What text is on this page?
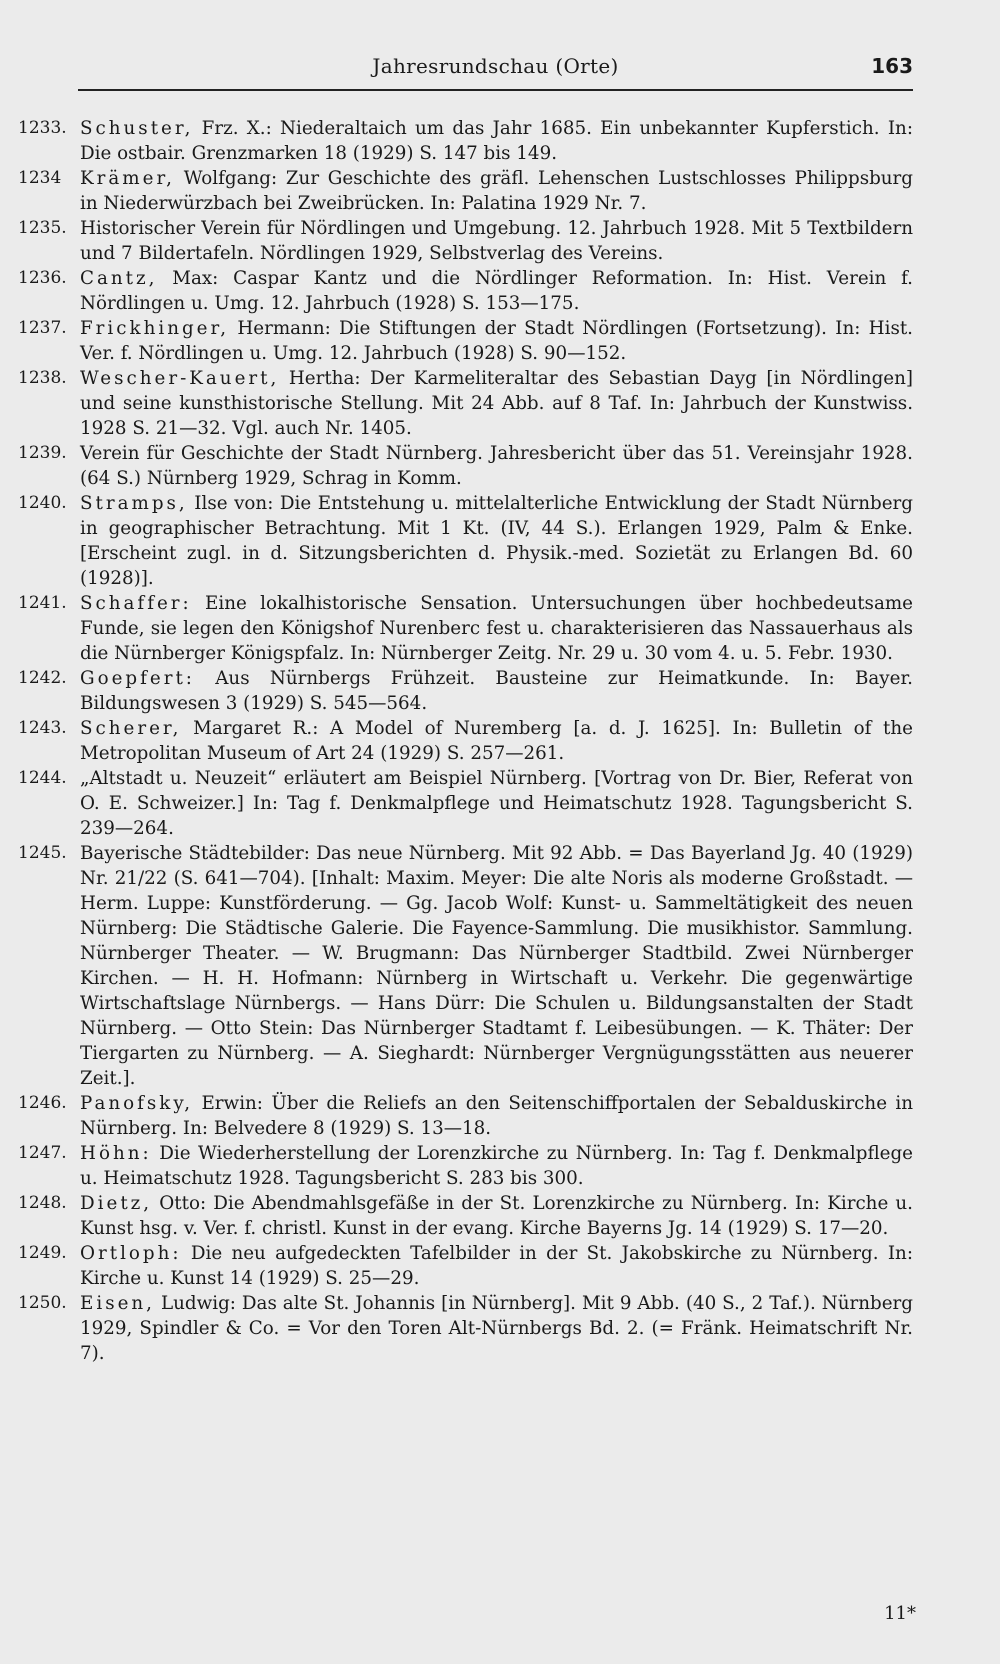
Jahresrundschau (Orte)	163
1233. Schuster, Frz. X.: Niederaltaich um das Jahr 1685. Ein unbekannter Kupferstich. In: Die ostbair. Grenzmarken 18 (1929) S. 147 bis 149.
1234	Krämer, Wolfgang: Zur Geschichte des gräfl. Lehenschen Lustschlosses Philippsburg in Niederwürzbach bei Zweibrücken. In: Palatina 1929 Nr. 7.
1235. Historischer Verein für Nördlingen und Umgebung. 12. Jahrbuch 1928. Mit 5 Textbildern und 7 Bildertafeln. Nördlingen 1929, Selbstverlag des Vereins.
1236. Cantz, Max: Caspar Kantz und die Nördlinger Reformation. In: Hist. Verein f. Nördlingen u. Umg. 12. Jahrbuch (1928) S. 153—175.
1237. Frickhinger, Hermann: Die Stiftungen der Stadt Nördlingen (Fortsetzung). In: Hist. Ver. f. Nördlingen u. Umg. 12. Jahrbuch (1928) S. 90—152.
1238. Wescher-Kauert, Hertha: Der Karmeliteraltar des Sebastian Dayg [in Nördlingen] und seine kunsthistorische Stellung. Mit 24 Abb. auf 8 Taf. In: Jahrbuch der Kunstwiss. 1928 S. 21—32. Vgl. auch Nr. 1405.
1239. Verein für Geschichte der Stadt Nürnberg. Jahresbericht über das 51. Vereinsjahr 1928. (64 S.) Nürnberg 1929, Schrag in Komm.
1240. Stramps, Ilse von: Die Entstehung u. mittelalterliche Entwicklung der Stadt Nürnberg in geographischer Betrachtung. Mit 1 Kt. (IV, 44 S.). Erlangen 1929, Palm & Enke. [Erscheint zugl. in d. Sitzungsberichten d. Physik.-med. Sozietät zu Erlangen Bd. 60 (1928)].
1241. Schaffer: Eine lokalhistorische Sensation. Untersuchungen über hochbedeutsame Funde, sie legen den Königshof Nurenberc fest u. charakterisieren das Nassauerhaus als die Nürnberger Königspfalz. In: Nürnberger Zeitg. Nr. 29 u. 30 vom 4. u. 5. Febr. 1930.
1242. Goepfert: Aus Nürnbergs Frühzeit. Bausteine zur Heimatkunde. In: Bayer. Bildungswesen 3 (1929) S. 545—564.
1243. Scherer, Margaret R.: A Model of Nuremberg [a. d. J. 1625]. In: Bulletin of the Metropolitan Museum of Art 24 (1929) S. 257—261.
1244. „Altstadt u. Neuzeit“ erläutert am Beispiel Nürnberg. [Vortrag von Dr. Bier, Referat von O. E. Schweizer.] In: Tag f. Denkmalpflege und Heimatschutz 1928. Tagungsbericht S. 239—264.
1245. Bayerische Städtebilder: Das neue Nürnberg. Mit 92 Abb. = Das Bayerland Jg. 40 (1929) Nr. 21/22 (S. 641—704). [Inhalt: Maxim. Meyer: Die alte Noris als moderne Großstadt. — Herm. Luppe: Kunstförderung. — Gg. Jacob Wolf: Kunst- u. Sammeltätigkeit des neuen Nürnberg: Die Städtische Galerie. Die Fayence-Sammlung. Die musikhistor. Sammlung. Nürnberger Theater. — W. Brugmann: Das Nürnberger Stadtbild. Zwei Nürnberger Kirchen. — H. H. Hofmann: Nürnberg in Wirtschaft u. Verkehr. Die gegenwärtige Wirtschaftslage Nürnbergs. — Hans Dürr: Die Schulen u. Bildungsanstalten der Stadt Nürnberg. — Otto Stein: Das Nürnberger Stadtamt f. Leibesübungen. — K. Thäter: Der Tiergarten zu Nürnberg. — A. Sieghardt: Nürnberger Vergnügungsstätten aus neuerer Zeit.].
1246. Panofsky, Erwin: Über die Reliefs an den Seitenschiffportalen der Sebalduskirche in Nürnberg. In: Belvedere 8 (1929) S. 13—18.
1247. Höhn: Die Wiederherstellung der Lorenzkirche zu Nürnberg. In: Tag f. Denkmalpflege u. Heimatschutz 1928. Tagungsbericht S. 283 bis 300.
1248. Dietz, Otto: Die Abendmahlsgefäße in der St. Lorenzkirche zu Nürnberg. In: Kirche u. Kunst hsg. v. Ver. f. christl. Kunst in der evang. Kirche Bayerns Jg. 14 (1929) S. 17—20.
1249. Ortloph: Die neu aufgedeckten Tafelbilder in der St. Jakobskirche zu Nürnberg. In: Kirche u. Kunst 14 (1929) S. 25—29.
1250. Eisen, Ludwig: Das alte St. Johannis [in Nürnberg]. Mit 9 Abb. (40 S., 2 Taf.). Nürnberg 1929, Spindler & Co. = Vor den Toren Alt-Nürnbergs Bd. 2. (= Fränk. Heimatschrift Nr. 7).
11*
